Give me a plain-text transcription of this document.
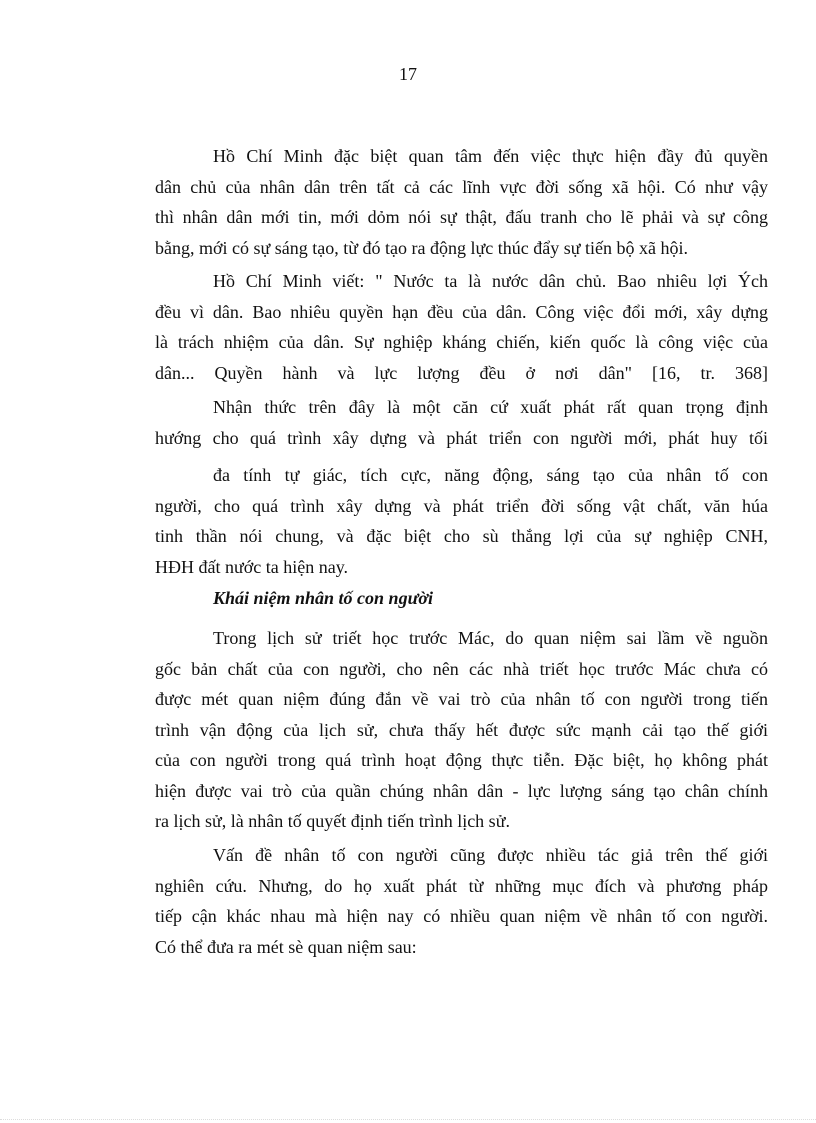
17
Hồ Chí Minh đặc biệt quan tâm đến việc thực hiện đầy đủ quyền
dân chủ của nhân dân trên tất cả các lĩnh vực đời sống xã hội. Có như vậy
thì nhân dân mới tin, mới dỏm nói sự thật, đấu tranh cho lẽ phải và sự công
bằng, mới có sự sáng tạo, từ đó tạo ra động lực thúc đẩy sự tiến bộ xã hội.
Hồ Chí Minh viết: " Nước ta là nước dân chủ. Bao nhiêu lợi Ých
đều vì dân. Bao nhiêu quyền hạn đều của dân. Công việc đổi mới, xây dựng
là trách nhiệm của dân. Sự nghiệp kháng chiến, kiến quốc là công việc của
dân... Quyền hành và lực lượng đều ở nơi dân" [16, tr. 368]
Nhận thức trên đây là một căn cứ xuất phát rất quan trọng định
hướng cho quá trình xây dựng và phát triển con người mới, phát huy tối
đa tính tự giác, tích cực, năng động, sáng tạo của nhân tố con
người, cho quá trình xây dựng và phát triển đời sống vật chất, văn húa
tinh thần nói chung, và đặc biệt cho sù thắng lợi của sự nghiệp CNH,
HĐH đất nước ta hiện nay.
Khái niệm nhân tố con người
Trong lịch sử triết học trước Mác, do quan niệm sai lầm về nguồn
gốc bản chất của con người, cho nên các nhà triết học trước Mác chưa có
được mét quan niệm đúng đắn về vai trò của nhân tố con người trong tiến
trình vận động của lịch sử, chưa thấy hết được sức mạnh cải tạo thế giới
của con người trong quá trình hoạt động thực tiễn. Đặc biệt, họ không phát
hiện được vai trò của quần chúng nhân dân - lực lượng sáng tạo chân chính
ra lịch sử, là nhân tố quyết định tiến trình lịch sử.
Vấn đề nhân tố con người cũng được nhiều tác giả trên thế giới
nghiên cứu. Nhưng, do họ xuất phát từ những mục đích và phương pháp
tiếp cận khác nhau mà hiện nay có nhiều quan niệm về nhân tố con người.
Có thể đưa ra mét sè quan niệm sau:
